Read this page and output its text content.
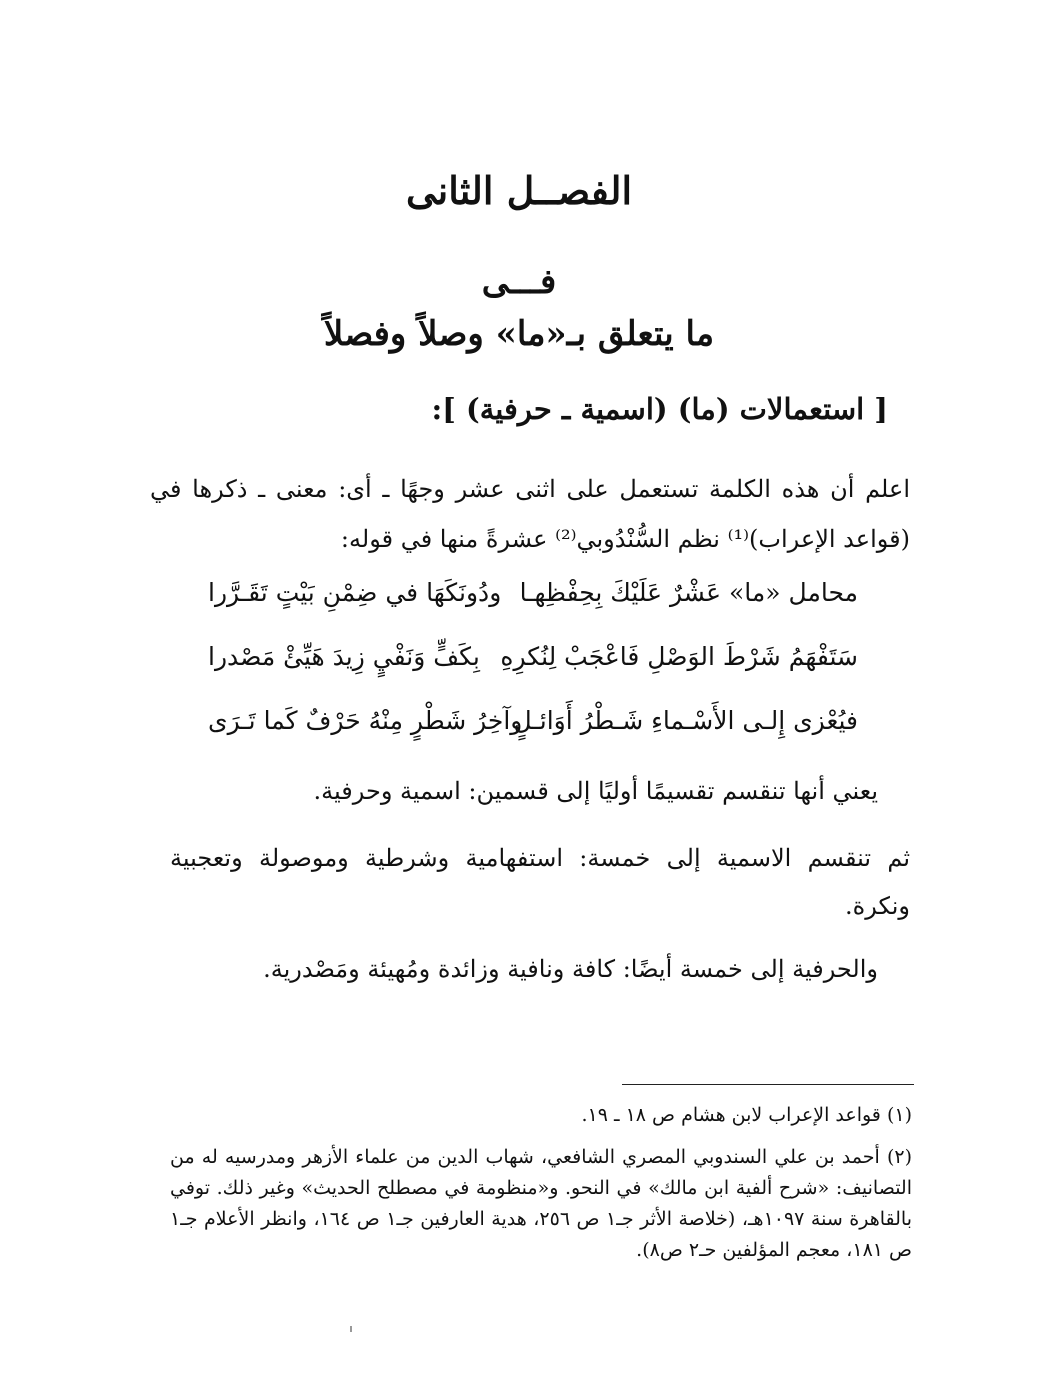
الفصــل الثانى
فـــى
ما يتعلق بـ«ما» وصلاً وفصلاً
[ استعمالات (ما) (اسمية ـ حرفية) ]:
اعلم أن هذه الكلمة تستعمل على اثنى عشر وجهًا ـ أى: معنى ـ ذكرها في (قواعد الإعراب)⁽¹⁾ نظم السُّنْدُوبي⁽²⁾ عشرةً منها في قوله:
محامل «ما» عَشْرٌ عَلَيْكَ بِحِفْظِهـا
ودُونَكَهَا في ضِمْنِ بَيْتٍ تَقَـرَّرا
سَتَفْهَمُ شَرْطَ الوَصْلِ فَاعْجَبْ لِنُكرِهِ
بِكَفٍّ وَنَفْيٍ زِيدَ هَيِّئْ مَصْدرا
فيُعْزى إِلـى الأَسْـماءِ شَـطْرُ أَوَائـلٍ
وآخِرُ شَطْرٍ مِنْهُ حَرْفٌ كَما تَـرَى
يعني أنها تنقسم تقسيمًا أوليًا إلى قسمين: اسمية وحرفية.
ثم تنقسم الاسمية إلى خمسة: استفهامية وشرطية وموصولة وتعجبية ونكرة.
والحرفية إلى خمسة أيضًا: كافة ونافية وزائدة ومُهيئة ومَصْدرية.
(١) قواعد الإعراب لابن هشام ص ١٨ ـ ١٩.
(٢) أحمد بن علي السندوبي المصري الشافعي، شهاب الدين من علماء الأزهر ومدرسيه له من التصانيف: «شرح ألفية ابن مالك» في النحو. و«منظومة في مصطلح الحديث» وغير ذلك. توفي بالقاهرة سنة ١٠٩٧هـ، (خلاصة الأثر جـ١ ص ٢٥٦، هدية العارفين جـ١ ص ١٦٤، وانظر الأعلام جـ١ ص ١٨١، معجم المؤلفين حـ٢ ص٨).
